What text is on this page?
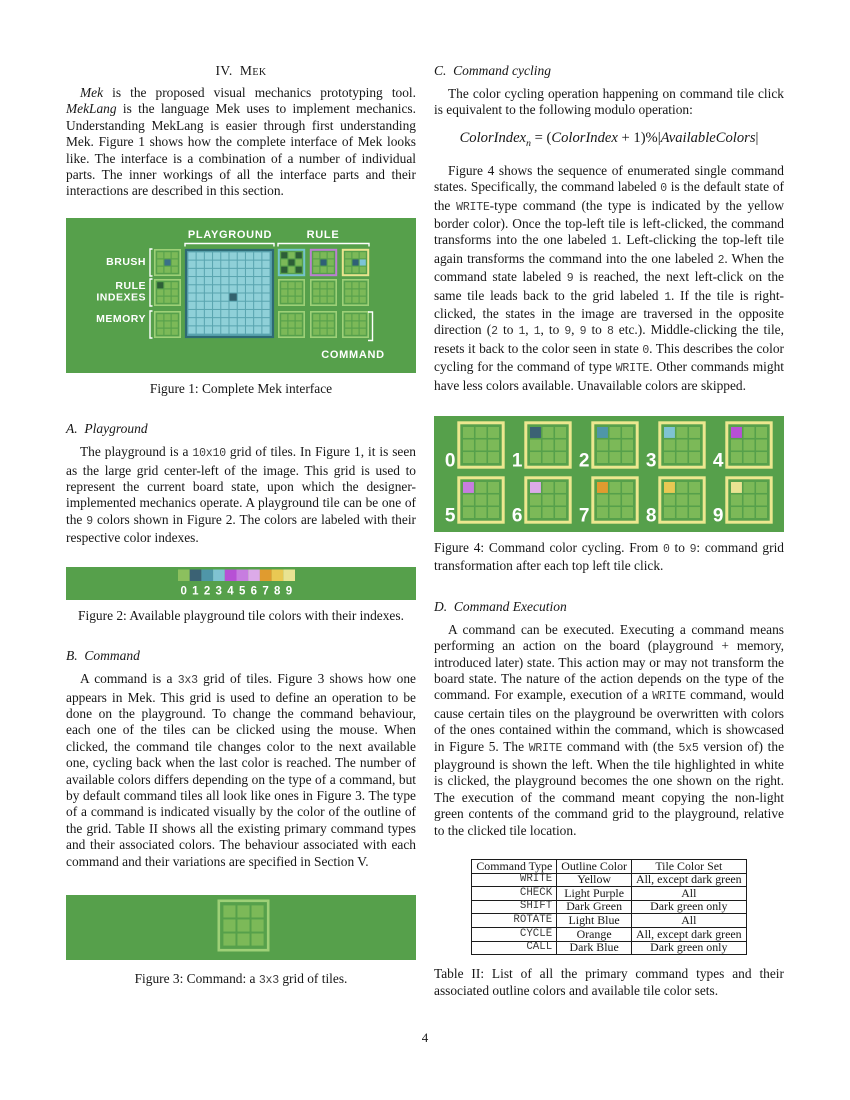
IV. Mek

Mek is the proposed visual mechanics prototyping tool. MekLang is the language Mek uses to implement mechanics. Understanding MekLang is easier through first understanding Mek. Figure 1 shows how the complete interface of Mek looks like. The interface is a combination of a number of individual parts. The inner workings of all the interface parts and their interactions are described in this section.

PLAYGROUND	RULE
BRUSH
RULE
INDEXES
MEMORY
COMMAND
Figure 1: Complete Mek interface
A. Playground

The playground is a 10x10 grid of tiles. In Figure 1, it is seen as the large grid center-left of the image. This grid is used to represent the current board state, upon which the designer-implemented mechanics operate. A playground tile can be one of the 9 colors shown in Figure 2. The colors are labeled with their respective color indexes.

0 1 2 3 4 5 6 7 8 9
Figure 2: Available playground tile colors with their indexes.
B. Command

A command is a 3x3 grid of tiles. Figure 3 shows how one appears in Mek. This grid is used to define an operation to be done on the playground. To change the command behaviour, each one of the tiles can be clicked using the mouse. When clicked, the command tile changes color to the next available one, cycling back when the last color is reached. The number of available colors differs depending on the type of a command, but by default command tiles all look like ones in Figure 3. The type of a command is indicated visually by the color of the outline of the grid. Table II shows all the existing primary command types and their associated colors. The behaviour associated with each command and their variations are specified in Section V.

Figure 3: Command: a 3x3 grid of tiles.
C. Command cycling

The color cycling operation happening on command tile click is equivalent to the following modulo operation:

ColorIndex$_n$ = (ColorIndex + 1)%|AvailableColors|

Figure 4 shows the sequence of enumerated single command states. Specifically, the command labeled 0 is the default state of the WRITE-type command (the type is indicated by the yellow border color). Once the top-left tile is left-clicked, the command transforms into the one labeled 1. Left-clicking the top-left tile again transforms the command into the one labeled 2. When the command state labeled 9 is reached, the next left-click on the same tile leads back to the grid labeled 1. If the tile is right-clicked, the states in the image are traversed in the opposite direction (2 to 1, 1, to 9, 9 to 8 etc.). Middle-clicking the tile, resets it back to the color seen in state 0. This describes the color cycling for the command of type WRITE. Other commands might have less colors available. Unavailable colors are skipped.

0	1	2	3	4
5	6	7	8	9
Figure 4: Command color cycling. From 0 to 9: command grid transformation after each top left tile click.
D. Command Execution

A command can be executed. Executing a command means performing an action on the board (playground + memory, introduced later) state. This action may or may not transform the board state. The nature of the action depends on the type of the command. For example, execution of a WRITE command, would cause certain tiles on the playground be overwritten with colors of the ones contained within the command, which is showcased in Figure 5. The WRITE command with (the 5x5 version of) the playground is shown the left. When the tile highlighted in white is clicked, the playground becomes the one shown on the right. The execution of the command meant copying the non-light green contents of the command grid to the playground, relative to the clicked tile location.

Command Type	Outline Color	Tile Color Set
WRITE	Yellow	All, except dark green
CHECK	Light Purple	All
SHIFT	Dark Green	Dark green only
ROTATE	Light Blue	All
CYCLE	Orange	All, except dark green
CALL	Dark Blue	Dark green only
Table II: List of all the primary command types and their associated outline colors and available tile color sets.
4
